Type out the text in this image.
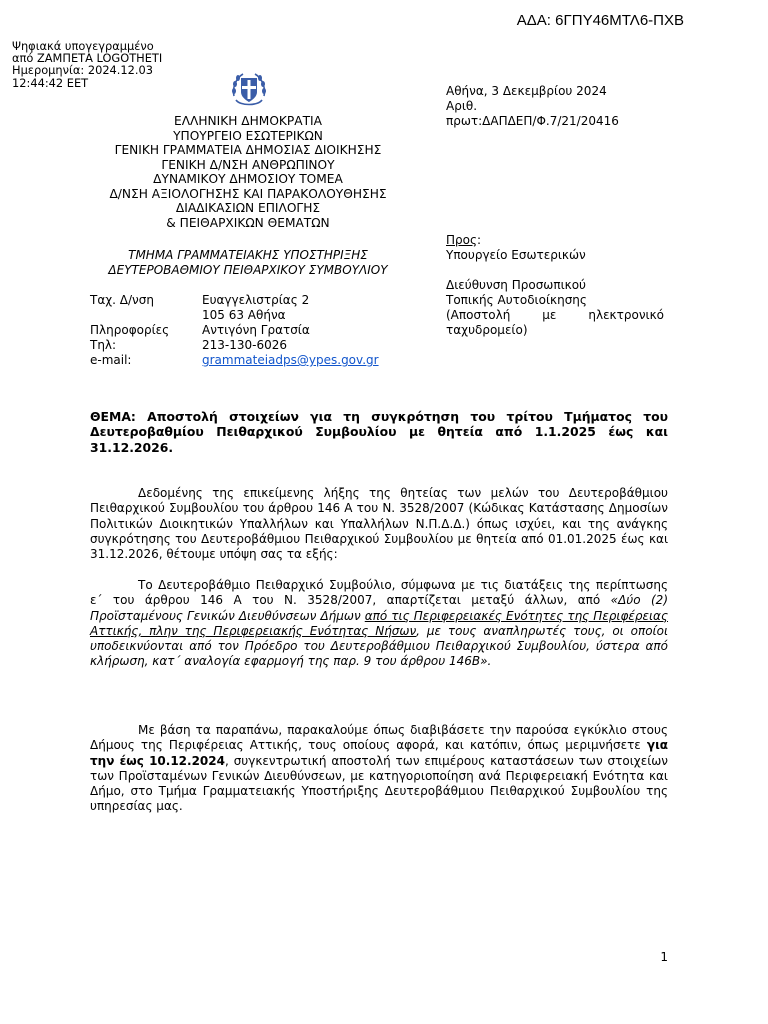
ΑΔΑ: 6ΓΠΥ46ΜΤΛ6-ΠΧΒ
Ψηφιακά υπογεγραμμένο
από ΖΑΜΠΕΤΑ LOGOTHETI
Ημερομηνία: 2024.12.03
12:44:42 EET
ΕΛΛΗΝΙΚΗ ΔΗΜΟΚΡΑΤΙΑ
ΥΠΟΥΡΓΕΙΟ ΕΣΩΤΕΡΙΚΩΝ
ΓΕΝΙΚΗ ΓΡΑΜΜΑΤΕΙΑ ΔΗΜΟΣΙΑΣ ΔΙΟΙΚΗΣΗΣ
ΓΕΝΙΚΗ Δ/ΝΣΗ ΑΝΘΡΩΠΙΝΟΥ
ΔΥΝΑΜΙΚΟΥ ΔΗΜΟΣΙΟΥ ΤΟΜΕΑ
Δ/ΝΣΗ ΑΞΙΟΛΟΓΗΣΗΣ ΚΑΙ ΠΑΡΑΚΟΛΟΥΘΗΣΗΣ
ΔΙΑΔΙΚΑΣΙΩΝ ΕΠΙΛΟΓΗΣ
& ΠΕΙΘΑΡΧΙΚΩΝ ΘΕΜΑΤΩΝ
ΤΜΗΜΑ ΓΡΑΜΜΑΤΕΙΑΚΗΣ ΥΠΟΣΤΗΡΙΞΗΣ
ΔΕΥΤΕΡΟΒΑΘΜΙΟΥ ΠΕΙΘΑΡΧΙΚΟΥ ΣΥΜΒΟΥΛΙΟΥ
Ταχ. Δ/νση	Ευαγγελιστρίας 2
105 63 Αθήνα
Πληροφορίες	Αντιγόνη Γρατσία
Τηλ:	213-130-6026
e-mail:	grammateiadps@ypes.gov.gr
Αθήνα, 3 Δεκεμβρίου 2024
Αριθ.
πρωτ:ΔΑΠΔΕΠ/Φ.7/21/20416
Προς:
Υπουργείο Εσωτερικών
Διεύθυνση Προσωπικού
Τοπικής Αυτοδιοίκησης
(Αποστολή με ηλεκτρονικό
ταχυδρομείο)
ΘΕΜΑ: Αποστολή στοιχείων για τη συγκρότηση του τρίτου Τμήματος του Δευτεροβαθμίου Πειθαρχικού Συμβουλίου με θητεία από 1.1.2025 έως και 31.12.2026.

Δεδομένης της επικείμενης λήξης της θητείας των μελών του Δευτεροβάθμιου Πειθαρχικού Συμβουλίου του άρθρου 146 Α του Ν. 3528/2007 (Κώδικας Κατάστασης Δημοσίων Πολιτικών Διοικητικών Υπαλλήλων και Υπαλλήλων Ν.Π.Δ.Δ.) όπως ισχύει, και της ανάγκης συγκρότησης του Δευτεροβάθμιου Πειθαρχικού Συμβουλίου με θητεία από 01.01.2025 έως και 31.12.2026, θέτουμε υπόψη σας τα εξής:

Το Δευτεροβάθμιο Πειθαρχικό Συμβούλιο, σύμφωνα με τις διατάξεις της περίπτωσης ε΄ του άρθρου 146 Α του Ν. 3528/2007, απαρτίζεται μεταξύ άλλων, από «Δύο (2) Προϊσταμένους Γενικών Διευθύνσεων Δήμων από τις Περιφερειακές Ενότητες της Περιφέρειας Αττικής, πλην της Περιφερειακής Ενότητας Νήσων, με τους αναπληρωτές τους, οι οποίοι υποδεικνύονται από τον Πρόεδρο του Δευτεροβάθμιου Πειθαρχικού Συμβουλίου, ύστερα από κλήρωση, κατ΄ αναλογία εφαρμογή της παρ. 9 του άρθρου 146Β».

Με βάση τα παραπάνω, παρακαλούμε όπως διαβιβάσετε την παρούσα εγκύκλιο στους Δήμους της Περιφέρειας Αττικής, τους οποίους αφορά, και κατόπιν, όπως μεριμνήσετε για την έως 10.12.2024, συγκεντρωτική αποστολή των επιμέρους καταστάσεων των στοιχείων των Προϊσταμένων Γενικών Διευθύνσεων, με κατηγοριοποίηση ανά Περιφερειακή Ενότητα και Δήμο, στο Τμήμα Γραμματειακής Υποστήριξης Δευτεροβάθμιου Πειθαρχικού Συμβουλίου της υπηρεσίας μας.

1
